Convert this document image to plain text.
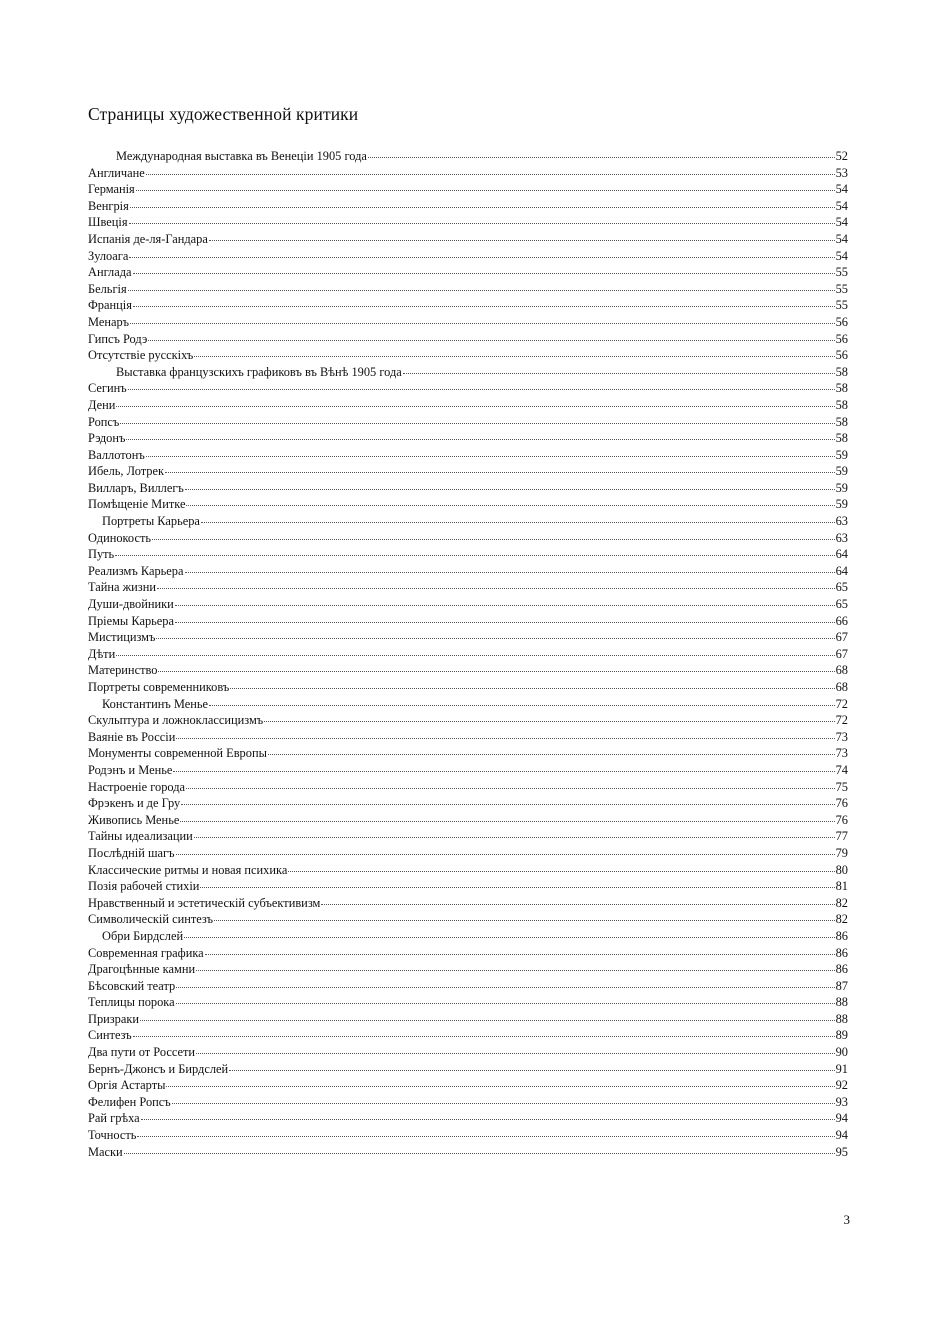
Страницы художественной критики
Международная выставка въ Венеціи 1905 года	52
Англичане	53
Германія	54
Венгрія	54
Швеція	54
Испанія де-ля-Гандара	54
Зулоага	54
Англада	55
Бельгія	55
Франція	55
Менаръ	56
Гипсъ Родэ	56
Отсутствіе русскіхъ	56
Выставка французскихъ графиковъ въ Вѣнѣ 1905 года	58
Сегинъ	58
Дени	58
Ропсъ	58
Рэдонъ	58
Валлотонъ	59
Ибель, Лотрек	59
Вилларъ, Виллегъ	59
Помѣщеніе Митке	59
Портреты Карьера	63
Одинокость	63
Путь	64
Реализмъ Карьера	64
Тайна жизни	65
Души-двойники	65
Пріемы Карьера	66
Мистицизмъ	67
Дѣти	67
Материнство	68
Портреты современниковъ	68
Константинъ Менье	72
Скульптура и ложноклассицизмъ	72
Ваяніе въ Россіи	73
Монументы современной Европы	73
Родэнъ и Менье	74
Настроеніе города	75
Фрэкенъ и де Гру	76
Живопись Менье	76
Тайны идеализации	77
Послѣдній шагъ	79
Классические ритмы и новая психика	80
Позія рабочей стихіи	81
Нравственный и эстетическій субъективизм	82
Символическій синтезъ	82
Обри Бирдслей	86
Современная графика	86
Драгоцѣнные камни	86
Бѣсовский театр	87
Теплицы порока	88
Призраки	88
Синтезъ	89
Два пути от Россети	90
Бернъ-Джонсъ и Бирдслей	91
Оргія Астарты	92
Фелифен Ропсъ	93
Рай грѣха	94
Точность	94
Маски	95
3
